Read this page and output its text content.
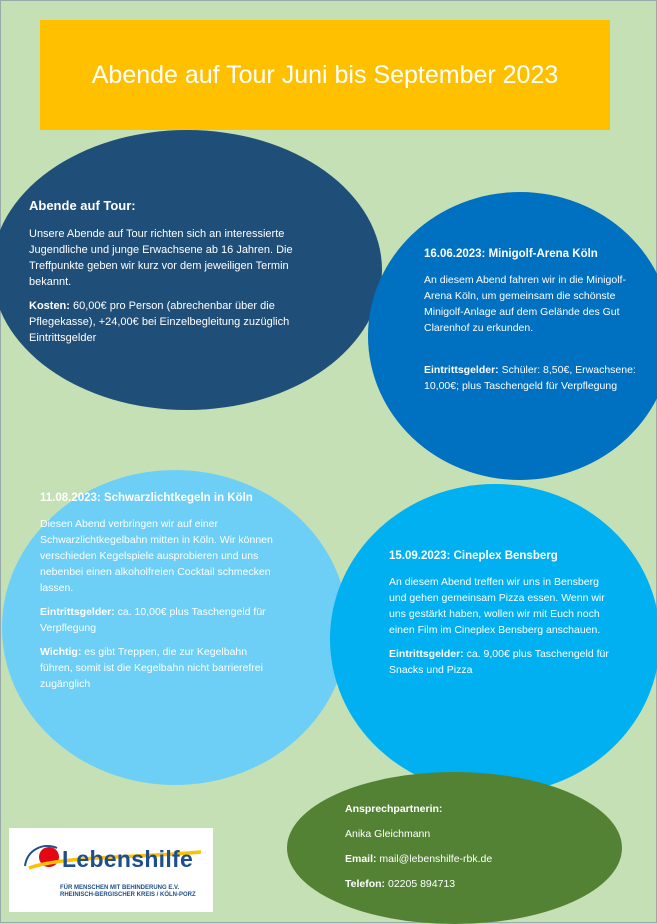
Abende auf Tour Juni bis September 2023
Abende auf Tour:

Unsere Abende auf Tour richten sich an interessierte Jugendliche und junge Erwachsene ab 16 Jahren. Die Treffpunkte geben wir kurz vor dem jeweiligen Termin bekannt.

Kosten: 60,00€ pro Person (abrechenbar über die Pflegekasse), +24,00€ bei Einzelbegleitung zuzüglich Eintrittsgelder

16.06.2023: Minigolf-Arena Köln

An diesem Abend fahren wir in die Minigolf-Arena Köln, um gemeinsam die schönste Minigolf-Anlage auf dem Gelände des Gut Clarenhof zu erkunden.

Eintrittsgelder: Schüler: 8,50€, Erwachsene: 10,00€; plus Taschengeld für Verpflegung

11.08.2023: Schwarzlichtkegeln in Köln

Diesen Abend verbringen wir auf einer Schwarzlichtkegelbahn mitten in Köln. Wir können verschieden Kegelspiele ausprobieren und uns nebenbei einen alkoholfreien Cocktail schmecken lassen.

Eintrittsgelder: ca. 10,00€ plus Taschengeld für Verpflegung

Wichtig: es gibt Treppen, die zur Kegelbahn führen, somit ist die Kegelbahn nicht barrierefrei zugänglich

15.09.2023: Cineplex Bensberg

An diesem Abend treffen wir uns in Bensberg und gehen gemeinsam Pizza essen. Wenn wir uns gestärkt haben, wollen wir mit Euch noch einen Film im Cineplex Bensberg anschauen.

Eintrittsgelder: ca. 9,00€ plus Taschengeld für Snacks und Pizza

Ansprechpartnerin:

Anika Gleichmann

Email: mail@lebenshilfe-rbk.de

Telefon: 02205 894713

Lebenshilfe
FÜR MENSCHEN MIT BEHINDERUNG E.V.
RHEINISCH-BERGISCHER KREIS / KÖLN-PORZ
